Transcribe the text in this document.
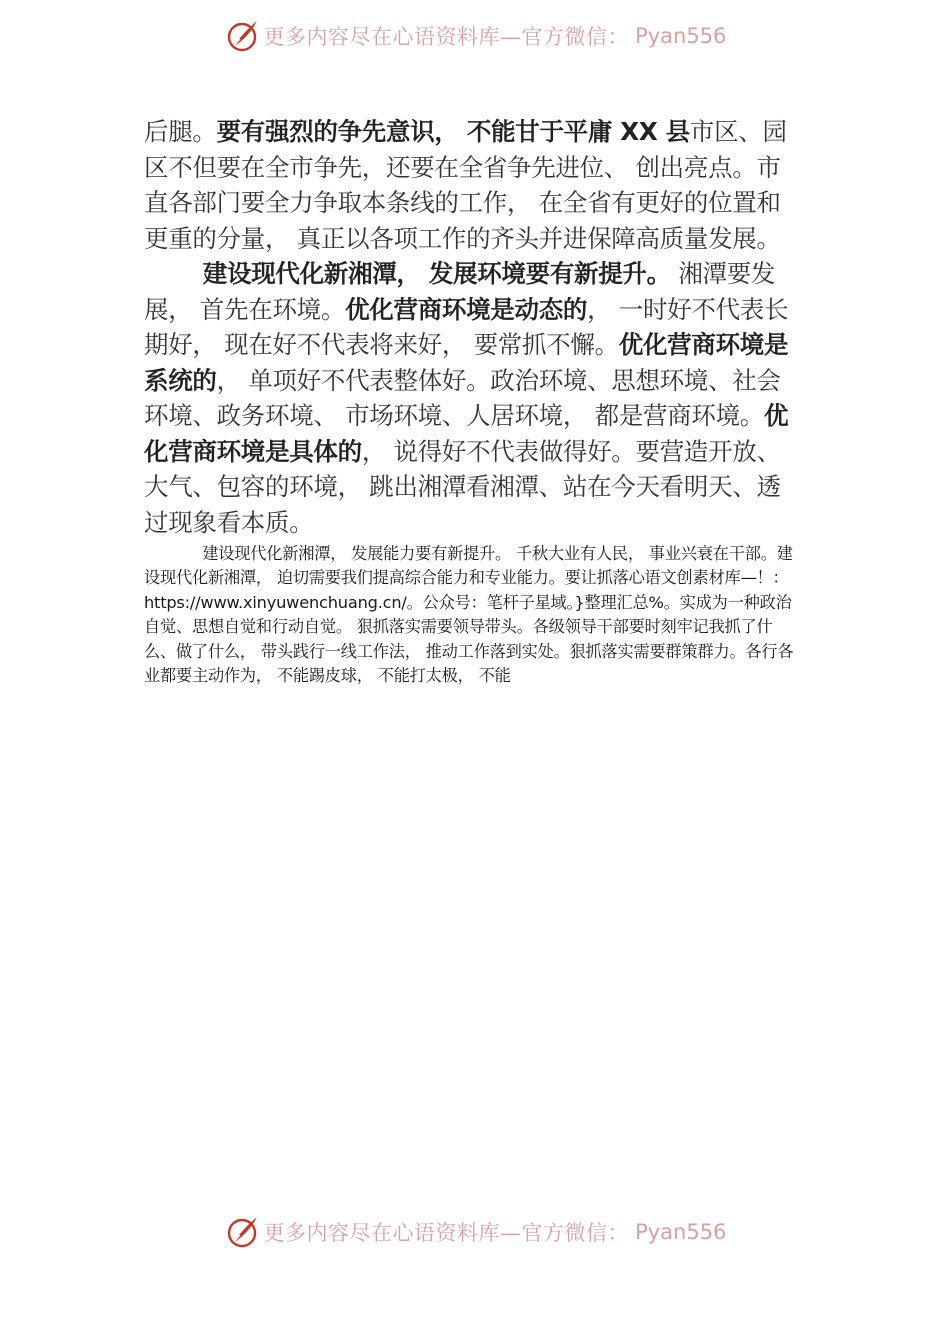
更多内容尽在心语资料库—官方微信： Pyan556

后腿。要有强烈的争先意识， 不能甘于平庸 XX 县市区、园区不但要在全市争先，还要在全省争先进位、 创出亮点。市直各部门要全力争取本条线的工作， 在全省有更好的位置和更重的分量， 真正以各项工作的齐头并进保障高质量发展。

建设现代化新湘潭， 发展环境要有新提升。 湘潭要发展， 首先在环境。优化营商环境是动态的， 一时好不代表长期好， 现在好不代表将来好， 要常抓不懈。优化营商环境是系统的， 单项好不代表整体好。政治环境、思想环境、社会环境、政务环境、 市场环境、人居环境， 都是营商环境。优化营商环境是具体的， 说得好不代表做得好。要营造开放、大气、包容的环境， 跳出湘潭看湘潭、站在今天看明天、透过现象看本质。

建设现代化新湘潭， 发展能力要有新提升。 千秋大业有人民， 事业兴衰在干部。建设现代化新湘潭， 迫切需要我们提高综合能力和专业能力。要让抓落心语文创素材库—！： https://www.xinyuwenchuang.cn/。公众号：笔杆子星域。}整理汇总%。实成为一种政治自觉、思想自觉和行动自觉。 狠抓落实需要领导带头。各级领导干部要时刻牢记我抓了什么、做了什么， 带头践行一线工作法， 推动工作落到实处。狠抓落实需要群策群力。各行各业都要主动作为， 不能踢皮球， 不能打太极， 不能

更多内容尽在心语资料库—官方微信： Pyan556
